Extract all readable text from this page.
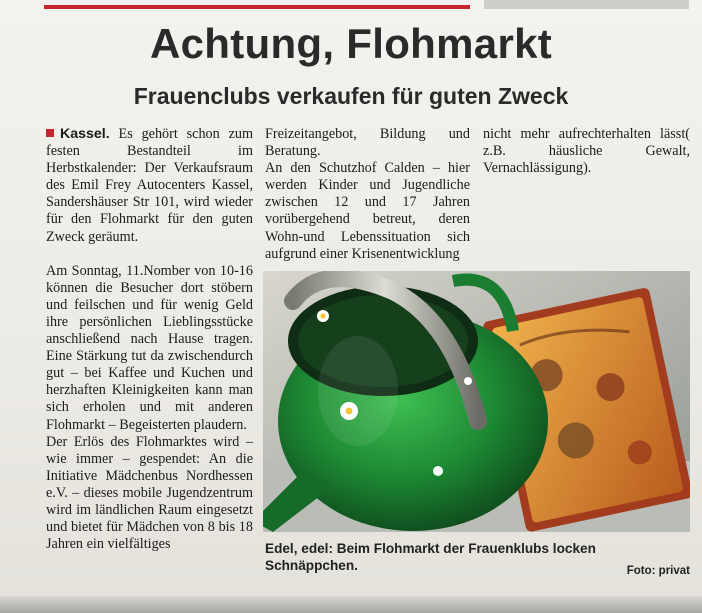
Achtung, Flohmarkt
Frauenclubs verkaufen für guten Zweck

Kassel. Es gehört schon zum festen Bestandteil im Herbstkalender: Der Verkaufsraum des Emil Frey Autocenters Kassel, Sandershäuser Str 101, wird wieder für den Flohmarkt für den guten Zweck geräumt.

Am Sonntag, 11.Nomber von 10-16 können die Besucher dort stöbern und feilschen und für wenig Geld ihre persönlichen Lieblingsstücke anschließend nach Hause tragen. Eine Stärkung tut da zwischendurch gut – bei Kaffee und Kuchen und herzhaften Kleinigkeiten kann man sich erholen und mit anderen Flohmarkt – Begeisterten plaudern.

Der Erlös des Flohmarktes wird – wie immer – gespendet: An die Initiative Mädchenbus Nordhessen e.V. – dieses mobile Jugendzentrum wird im ländlichen Raum eingesetzt und bietet für Mädchen von 8 bis 18 Jahren ein vielfältiges

Freizeitangebot, Bildung und Beratung.

An den Schutzhof Calden – hier werden Kinder und Jugendliche zwischen 12 und 17 Jahren vorübergehend betreut, deren Wohn-und Lebenssituation sich aufgrund einer Krisenentwicklung

nicht mehr aufrechterhalten lässt( z.B. häusliche Gewalt, Vernachlässigung).

Edel, edel: Beim Flohmarkt der Frauenklubs locken Schnäppchen.	Foto: privat
